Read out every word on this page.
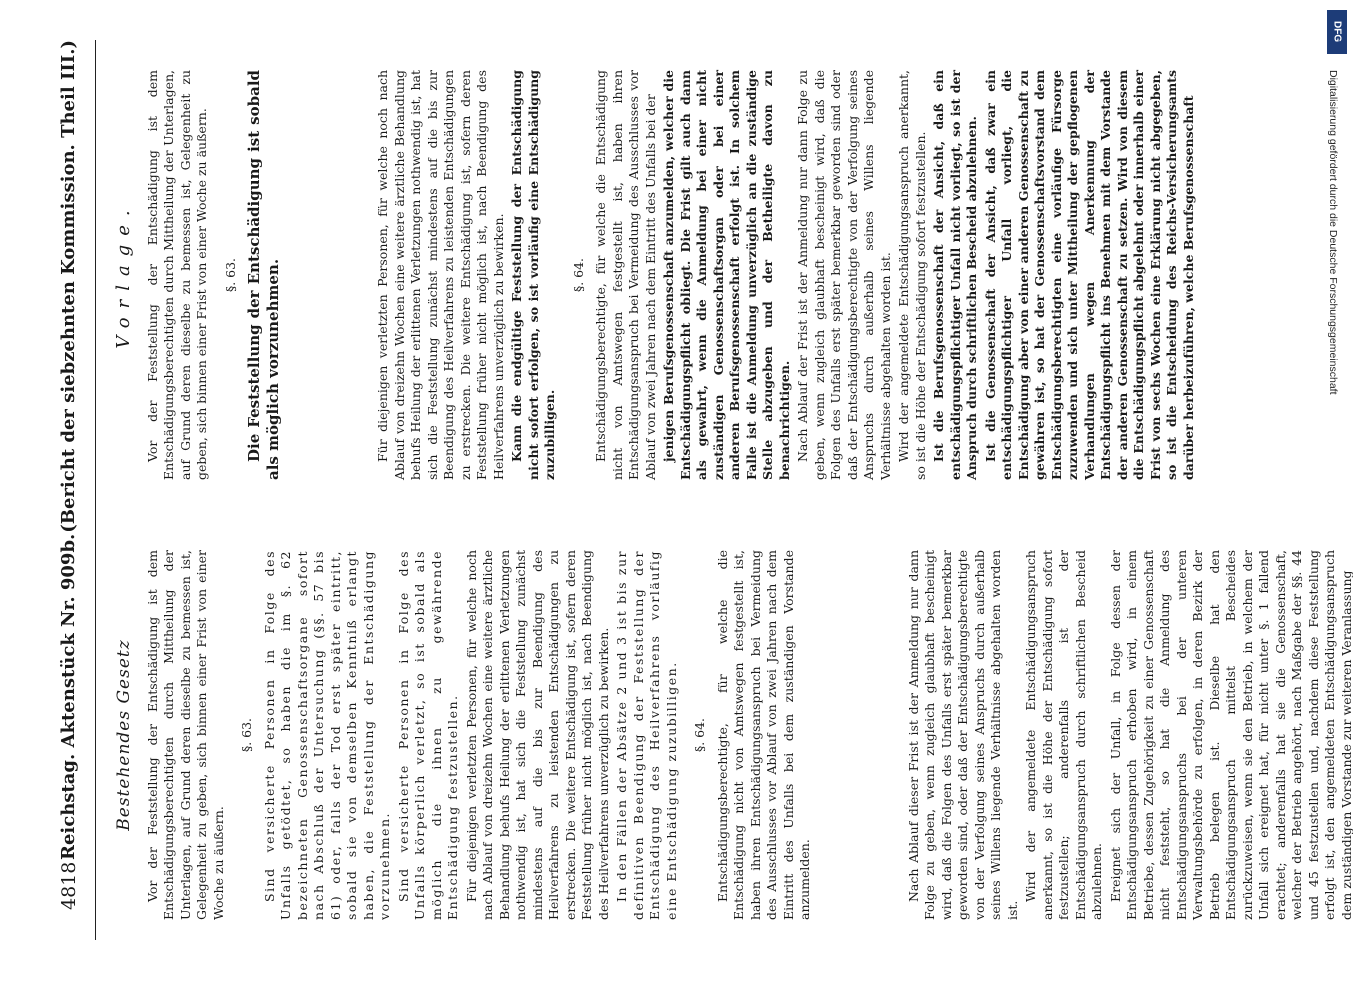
4818
Reichstag. Aktenstück Nr. 909b.
(Bericht der siebzehnten Kommission. Theil III.)
Bestehendes Gesetz Vor der Feststellung der Entschädigung ist dem Entschädigungsberechtigten durch Mittheilung der Unterlagen, auf Grund deren dieselbe zu bemessen ist, Gelegenheit zu geben, sich binnen einer Frist von einer Woche zu äußern.

§. 63. Sind versicherte Personen in Folge des Unfalls getödtet, so haben die im §. 62 bezeichneten Genossenschaftsorgane sofort nach Abschluß der Untersuchung (§§. 57 bis 61) oder, falls der Tod erst später eintritt, sobald sie von demselben Kenntniß erlangt haben, die Feststellung der Entschädigung vorzunehmen. Sind versicherte Personen in Folge des Unfalls körperlich verletzt, so ist sobald als möglich die ihnen zu gewährende Entschädigung festzustellen. Für diejenigen verletzten Personen, für welche noch nach Ablauf von dreizehn Wochen eine weitere ärztliche Behandlung behufs Heilung der erlittenen Verletzungen nothwendig ist, hat sich die Feststellung zunächst mindestens auf die bis zur Beendigung des Heilverfahrens zu leistenden Entschädigungen zu erstrecken. Die weitere Entschädigung ist, sofern deren Feststellung früher nicht möglich ist, nach Beendigung des Heilverfahrens unverzüglich zu bewirken. In den Fällen der Absätze 2 und 3 ist bis zur definitiven Beendigung der Feststellung der Entschädigung des Heilverfahrens vorläufig eine Entschädigung zuzubilligen. §. 64. Entschädigungsberechtigte, für welche die Entschädigung nicht von Amtswegen festgestellt ist, haben ihren Entschädigungsanspruch bei Vermeidung des Ausschlusses vor Ablauf von zwei Jahren nach dem Eintritt des Unfalls bei dem zuständigen Vorstande anzumelden.	Nach Ablauf dieser Frist ist der Anmeldung nur dann Folge zu geben, wenn zugleich glaubhaft bescheinigt wird, daß die Folgen des Unfalls erst später bemerkbar geworden sind, oder daß der Entschädigungsberechtigte von der Verfolgung seines Anspruchs durch außerhalb seines Willens liegende Verhältnisse abgehalten worden ist.

Wird der angemeldete Entschädigungsanspruch anerkannt, so ist die Höhe der Entschädigung sofort festzustellen; anderenfalls ist der Entschädigungsanspruch durch schriftlichen Bescheid abzulehnen. Ereignet sich der Unfall, in Folge dessen der Entschädigungsanspruch erhoben wird, in einem Betriebe, dessen Zugehörigkeit zu einer Genossenschaft nicht feststeht, so hat die Anmeldung des Entschädigungsanspruchs bei der unteren Verwaltungsbehörde zu erfolgen, in deren Bezirk der Betrieb belegen ist. Dieselbe hat den Entschädigungsanspruch mittelst Bescheides zurückzuweisen, wenn sie den Betrieb, in welchem der Unfall sich ereignet hat, für nicht unter §. 1 fallend erachtet; anderenfalls hat sie die Genossenschaft, welcher der Betrieb angehört, nach Maßgabe der §§. 44 und 45 festzustellen und, nachdem diese Feststellung erfolgt ist, den angemeldeten Entschädigungsanspruch dem zuständigen Vorstande zur weiteren Veranlassung

Vorlage. Vor der Feststellung der Entschädigung ist dem Entschädigungsberechtigten durch Mittheilung der Unterlagen, auf Grund deren dieselbe zu bemessen ist, Gelegenheit zu geben, sich binnen einer Frist von einer Woche zu äußern. §. 63. Die Feststellung der Entschädigung ist sobald als möglich vorzunehmen.	Für diejenigen verletzten Personen, für welche noch nach Ablauf von dreizehn Wochen eine weitere ärztliche Behandlung behufs Heilung der erlittenen Verletzungen nothwendig ist, hat sich die Feststellung zunächst mindestens auf die bis zur Beendigung des Heilverfahrens zu leistenden Entschädigungen zu erstrecken. Die weitere Entschädigung ist, sofern deren Feststellung früher nicht möglich ist, nach Beendigung des Heilverfahrens unverzüglich zu bewirken. Kann die endgültige Feststellung der Entschädigung nicht sofort erfolgen, so ist vorläufig eine Entschädigung zuzubilligen.

§. 64. Entschädigungsberechtigte, für welche die Entschädigung nicht von Amtswegen festgestellt ist, haben ihren Entschädigungsanspruch bei Vermeidung des Ausschlusses vor Ablauf von zwei Jahren nach dem Eintritt des Unfalls bei der jenigen Berufsgenossenschaft anzumelden, welcher die Entschädigungspflicht obliegt. Die Frist gilt auch dann als gewahrt, wenn die Anmeldung bei einer nicht zuständigen Genossenschaftsorgan oder bei einer anderen Berufsgenossenschaft erfolgt ist. In solchem Falle ist die Anmeldung unverzüglich an die zuständige Stelle abzugeben und der Betheiligte davon zu benachrichtigen. Nach Ablauf der Frist ist der Anmeldung nur dann Folge zu geben, wenn zugleich glaubhaft bescheinigt wird, daß die Folgen des Unfalls erst später bemerkbar geworden sind oder daß der Entschädigungsberechtigte von der Verfolgung seines Anspruchs durch außerhalb seines Willens liegende Verhältnisse abgehalten worden ist. Wird der angemeldete Entschädigungsanspruch anerkannt, so ist die Höhe der Entschädigung sofort festzustellen. Ist die Berufsgenossenschaft der Ansicht, daß ein entschädigungspflichtiger Unfall nicht vorliegt, so ist der Anspruch durch schriftlichen Bescheid abzulehnen. Ist die Genossenschaft der Ansicht, daß zwar ein entschädigungspflichtiger Unfall vorliegt, die Entschädigung aber von einer anderen Genossenschaft zu gewähren ist, so hat der Genossenschaftsvorstand dem Entschädigungsberechtigten eine vorläufige Fürsorge zuzuwenden und sich unter Mittheilung der gepflogenen Verhandlungen wegen Anerkennung der Entschädigungspflicht ins Benehmen mit dem Vorstande der anderen Genossenschaft zu setzen. Wird von diesem die Entschädigungspflicht abgelehnt oder innerhalb einer Frist von sechs Wochen eine Erklärung nicht abgegeben, so ist die Entscheidung des Reichs-Versicherungsamts darüber herbeizuführen, welche Berufsgenossenschaft

DFG
Digitalisierung gefördert durch die Deutsche Forschungsgemeinschaft
